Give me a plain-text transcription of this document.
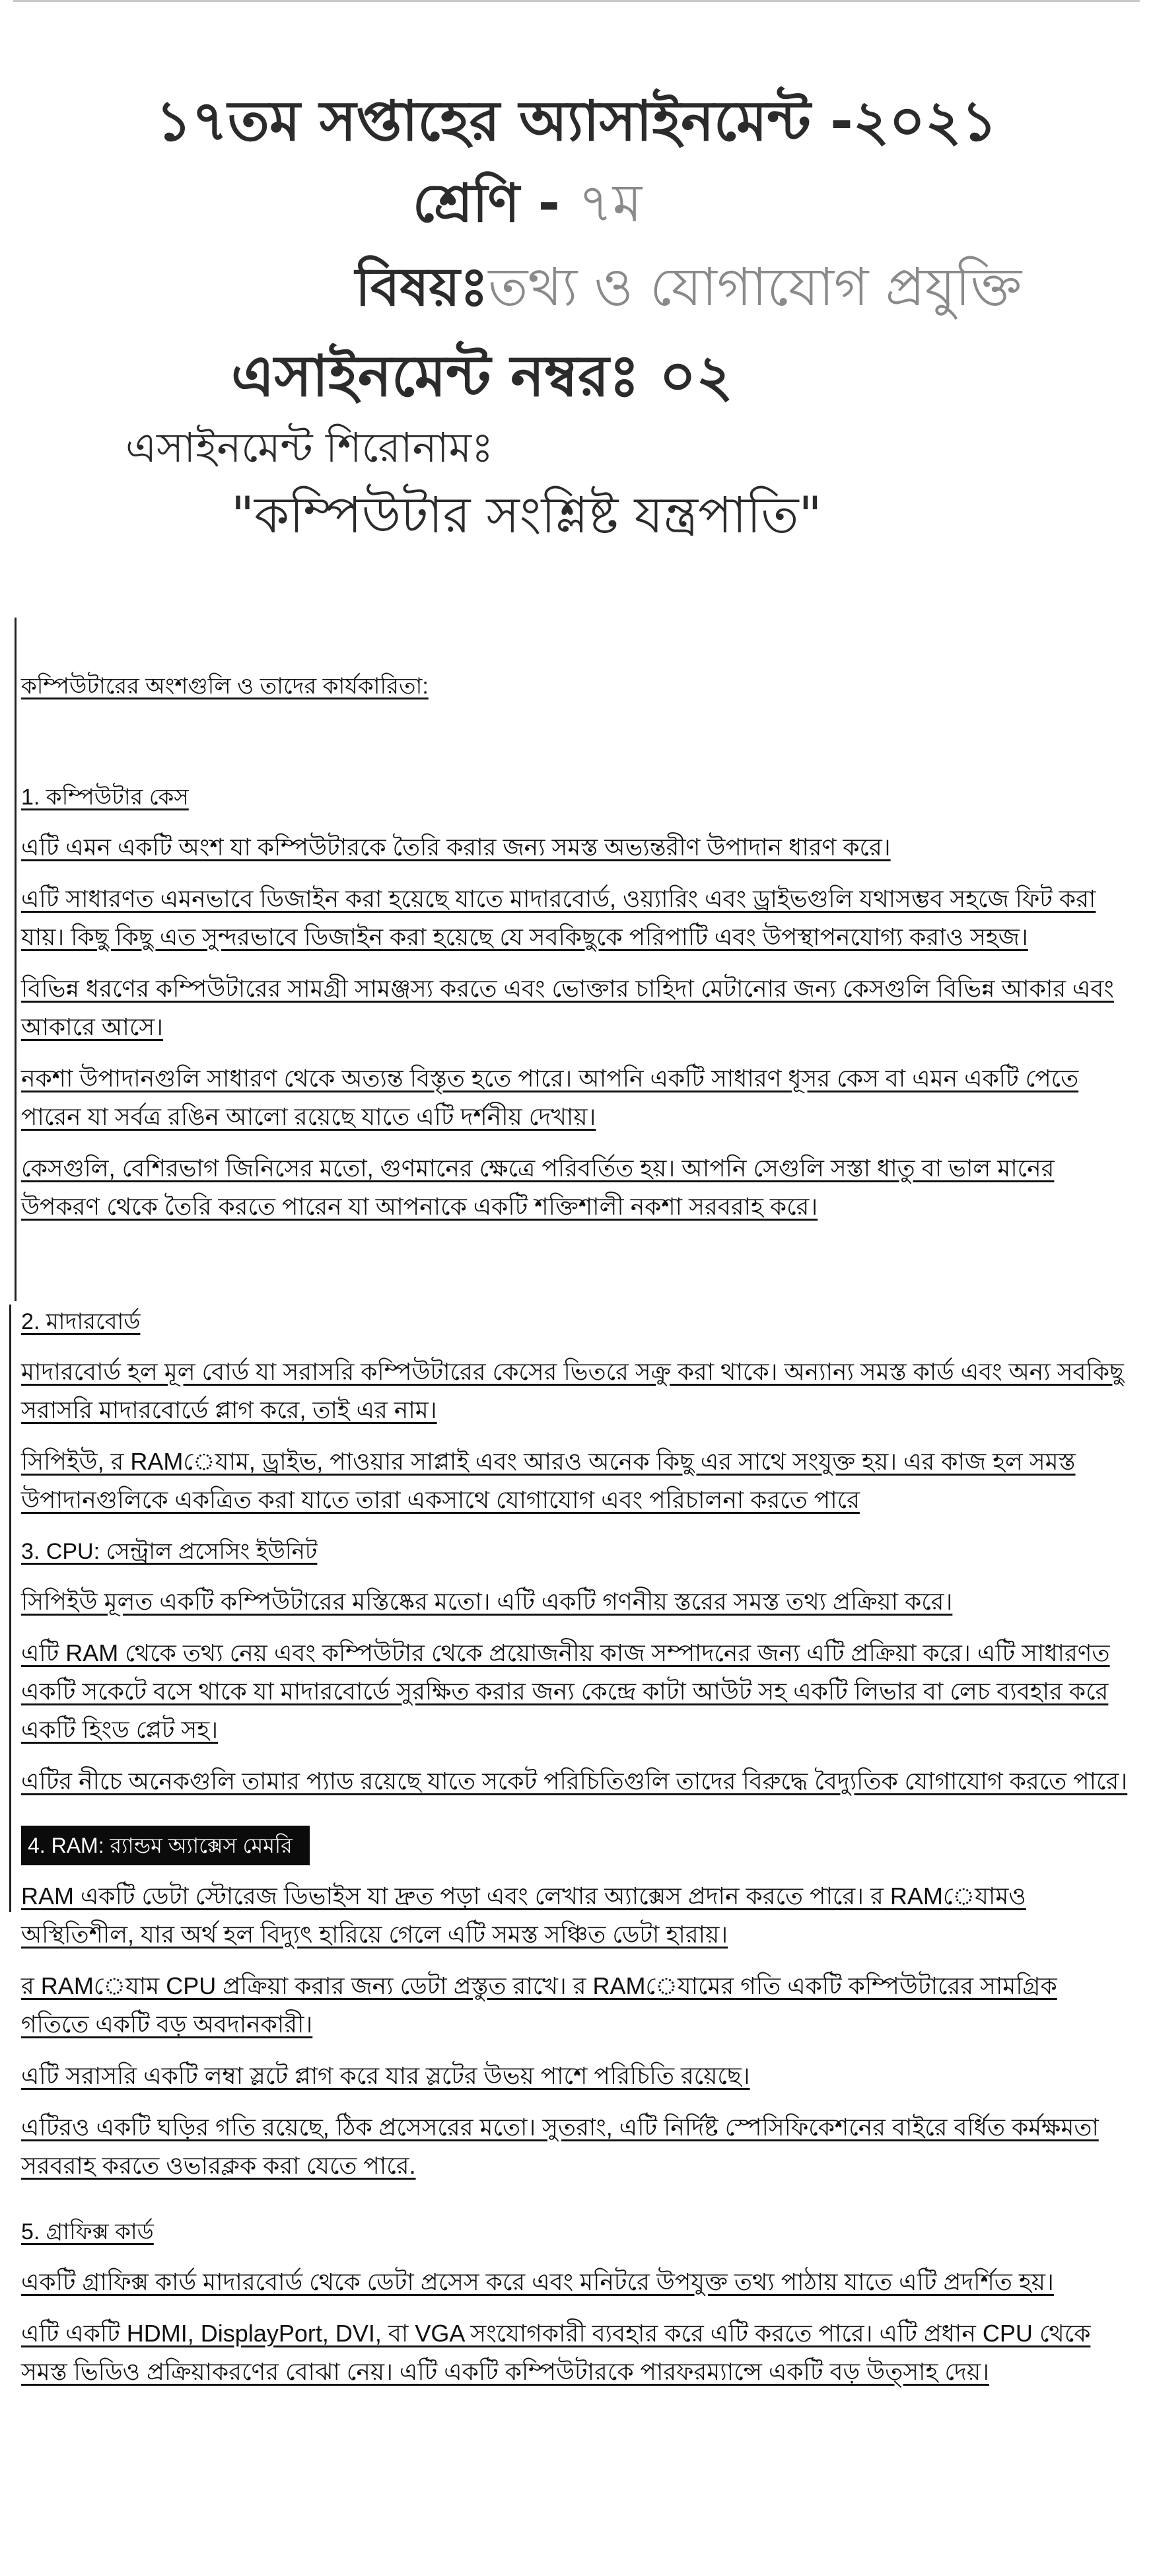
১৭তম সপ্তাহের অ্যাসাইনমেন্ট -২০২১
শ্রেণি - ৭ম
বিষয়ঃতথ্য ও যোগাযোগ প্রযুক্তি
এসাইনমেন্ট নম্বরঃ ০২
এসাইনমেন্ট শিরোনামঃ
"কম্পিউটার সংশ্লিষ্ট যন্ত্রপাতি"

কম্পিউটারের অংশগুলি ও তাদের কার্যকারিতা:

1. কম্পিউটার কেস

এটি এমন একটি অংশ যা কম্পিউটারকে তৈরি করার জন্য সমস্ত অভ্যন্তরীণ উপাদান ধারণ করে।

এটি সাধারণত এমনভাবে ডিজাইন করা হয়েছে যাতে মাদারবোর্ড, ওয়্যারিং এবং ড্রাইভগুলি যথাসম্ভব সহজে ফিট করা যায়। কিছু কিছু এত সুন্দরভাবে ডিজাইন করা হয়েছে যে সবকিছুকে পরিপাটি এবং উপস্থাপনযোগ্য করাও সহজ।

বিভিন্ন ধরণের কম্পিউটারের সামগ্রী সামঞ্জস্য করতে এবং ভোক্তার চাহিদা মেটানোর জন্য কেসগুলি বিভিন্ন আকার এবং আকারে আসে।

নকশা উপাদানগুলি সাধারণ থেকে অত্যন্ত বিস্তৃত হতে পারে। আপনি একটি সাধারণ ধূসর কেস বা এমন একটি পেতে পারেন যা সর্বত্র রঙিন আলো রয়েছে যাতে এটি দর্শনীয় দেখায়।

কেসগুলি, বেশিরভাগ জিনিসের মতো, গুণমানের ক্ষেত্রে পরিবর্তিত হয়। আপনি সেগুলি সস্তা ধাতু বা ভাল মানের উপকরণ থেকে তৈরি করতে পারেন যা আপনাকে একটি শক্তিশালী নকশা সরবরাহ করে।

2. মাদারবোর্ড

মাদারবোর্ড হল মূল বোর্ড যা সরাসরি কম্পিউটারের কেসের ভিতরে সক্রু করা থাকে। অন্যান্য সমস্ত কার্ড এবং অন্য সবকিছু সরাসরি মাদারবোর্ডে প্লাগ করে, তাই এর নাম।

সিপিইউ, র RAMেযাম, ড্রাইভ, পাওয়ার সাপ্লাই এবং আরও অনেক কিছু এর সাথে সংযুক্ত হয়। এর কাজ হল সমস্ত উপাদানগুলিকে একত্রিত করা যাতে তারা একসাথে যোগাযোগ এবং পরিচালনা করতে পারে

3. CPU: সেন্ট্রাল প্রসেসিং ইউনিট

সিপিইউ মূলত একটি কম্পিউটারের মস্তিষ্কের মতো। এটি একটি গণনীয় স্তরের সমস্ত তথ্য প্রক্রিয়া করে।

এটি RAM থেকে তথ্য নেয় এবং কম্পিউটার থেকে প্রয়োজনীয় কাজ সম্পাদনের জন্য এটি প্রক্রিয়া করে। এটি সাধারণত একটি সকেটে বসে থাকে যা মাদারবোর্ডে সুরক্ষিত করার জন্য কেন্দ্রে কাটা আউট সহ একটি লিভার বা লেচ ব্যবহার করে একটি হিংড প্লেট সহ।

এটির নীচে অনেকগুলি তামার প্যাড রয়েছে যাতে সকেট পরিচিতিগুলি তাদের বিরুদ্ধে বৈদ্যুতিক যোগাযোগ করতে পারে।

4. RAM: র‍্যান্ডম অ্যাক্সেস মেমরি

RAM একটি ডেটা স্টোরেজ ডিভাইস যা দ্রুত পড়া এবং লেখার অ্যাক্সেস প্রদান করতে পারে। র RAMেযামও অস্থিতিশীল, যার অর্থ হল বিদ্যুৎ হারিয়ে গেলে এটি সমস্ত সঞ্চিত ডেটা হারায়।

র RAMেযাম CPU প্রক্রিয়া করার জন্য ডেটা প্রস্তুত রাখে। র RAMেযামের গতি একটি কম্পিউটারের সামগ্রিক গতিতে একটি বড় অবদানকারী।

এটি সরাসরি একটি লম্বা স্লটে প্লাগ করে যার স্লটের উভয় পাশে পরিচিতি রয়েছে।

এটিরও একটি ঘড়ির গতি রয়েছে, ঠিক প্রসেসরের মতো। সুতরাং, এটি নির্দিষ্ট স্পেসিফিকেশনের বাইরে বর্ধিত কর্মক্ষমতা সরবরাহ করতে ওভারক্লক করা যেতে পারে.

5. গ্রাফিক্স কার্ড

একটি গ্রাফিক্স কার্ড মাদারবোর্ড থেকে ডেটা প্রসেস করে এবং মনিটরে উপযুক্ত তথ্য পাঠায় যাতে এটি প্রদর্শিত হয়।

এটি একটি HDMI, DisplayPort, DVI, বা VGA সংযোগকারী ব্যবহার করে এটি করতে পারে। এটি প্রধান CPU থেকে সমস্ত ভিডিও প্রক্রিয়াকরণের বোঝা নেয়। এটি একটি কম্পিউটারকে পারফরম্যান্সে একটি বড় উত্সাহ দেয়।
